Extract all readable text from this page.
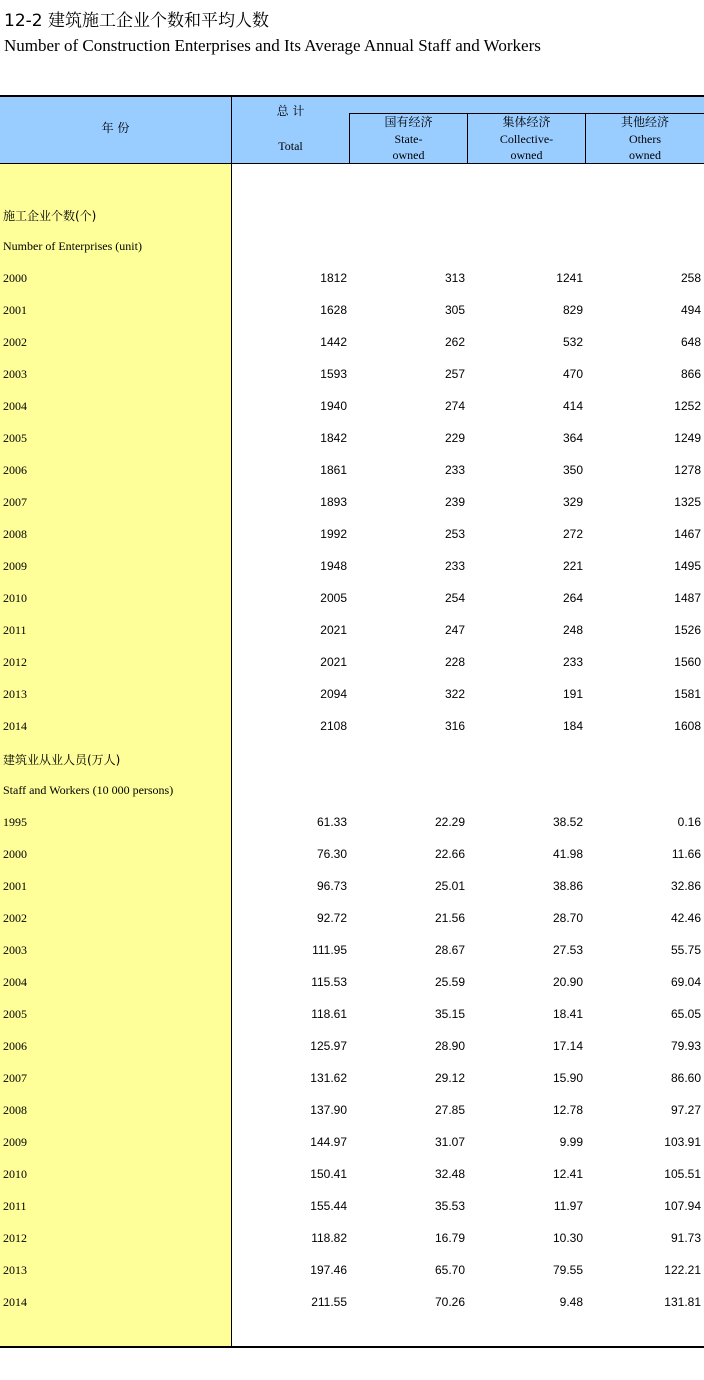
12-2 建筑施工企业个数和平均人数
Number of Construction Enterprises and Its Average Annual Staff and Workers
年 份
总 计
Total
国有经济
State-
owned
集体经济
Collective-
owned
其他经济
Others
owned
施工企业个数(个)
Number of Enterprises (unit)
2000	1812	313	1241	258
2001	1628	305	829	494
2002	1442	262	532	648
2003	1593	257	470	866
2004	1940	274	414	1252
2005	1842	229	364	1249
2006	1861	233	350	1278
2007	1893	239	329	1325
2008	1992	253	272	1467
2009	1948	233	221	1495
2010	2005	254	264	1487
2011	2021	247	248	1526
2012	2021	228	233	1560
2013	2094	322	191	1581
2014	2108	316	184	1608
建筑业从业人员(万人)
Staff and Workers (10 000 persons)
1995	61.33	22.29	38.52	0.16
2000	76.30	22.66	41.98	11.66
2001	96.73	25.01	38.86	32.86
2002	92.72	21.56	28.70	42.46
2003	111.95	28.67	27.53	55.75
2004	115.53	25.59	20.90	69.04
2005	118.61	35.15	18.41	65.05
2006	125.97	28.90	17.14	79.93
2007	131.62	29.12	15.90	86.60
2008	137.90	27.85	12.78	97.27
2009	144.97	31.07	9.99	103.91
2010	150.41	32.48	12.41	105.51
2011	155.44	35.53	11.97	107.94
2012	118.82	16.79	10.30	91.73
2013	197.46	65.70	79.55	122.21
2014	211.55	70.26	9.48	131.81
